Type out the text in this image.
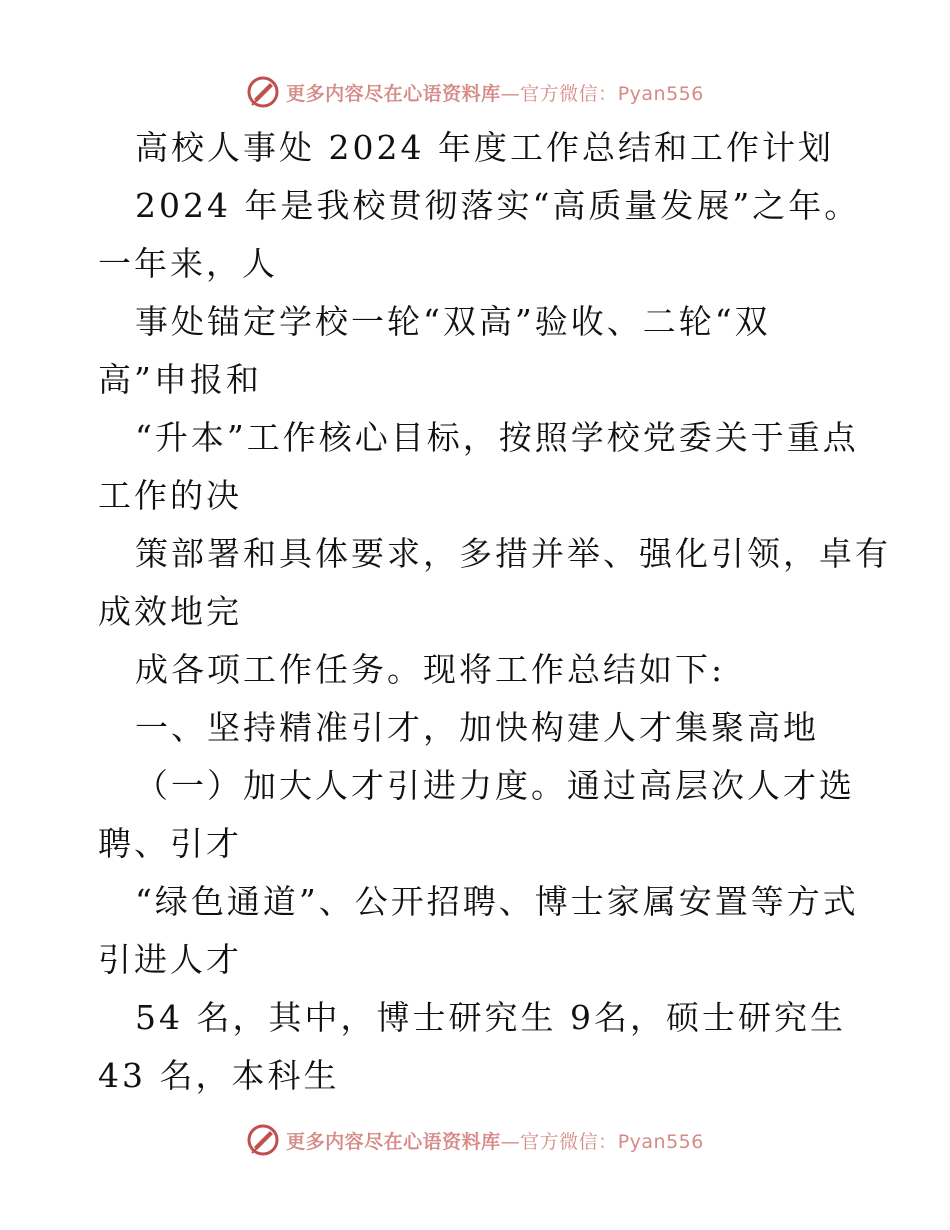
更多内容尽在心语资料库—官方微信：Pyan556
高校人事处 2024 年度工作总结和工作计划
2024 年是我校贯彻落实“高质量发展”之年。
一年来，人
事处锚定学校一轮“双高”验收、二轮“双
高”申报和
“升本”工作核心目标，按照学校党委关于重点
工作的决
策部署和具体要求，多措并举、强化引领，卓有
成效地完
成各项工作任务。现将工作总结如下:
一、坚持精准引才，加快构建人才集聚高地
（一）加大人才引进力度。通过高层次人才选
聘、引才
“绿色通道”、公开招聘、博士家属安置等方式
引进人才
54 名，其中，博士研究生 9名，硕士研究生
43 名，本科生
更多内容尽在心语资料库—官方微信：Pyan556
